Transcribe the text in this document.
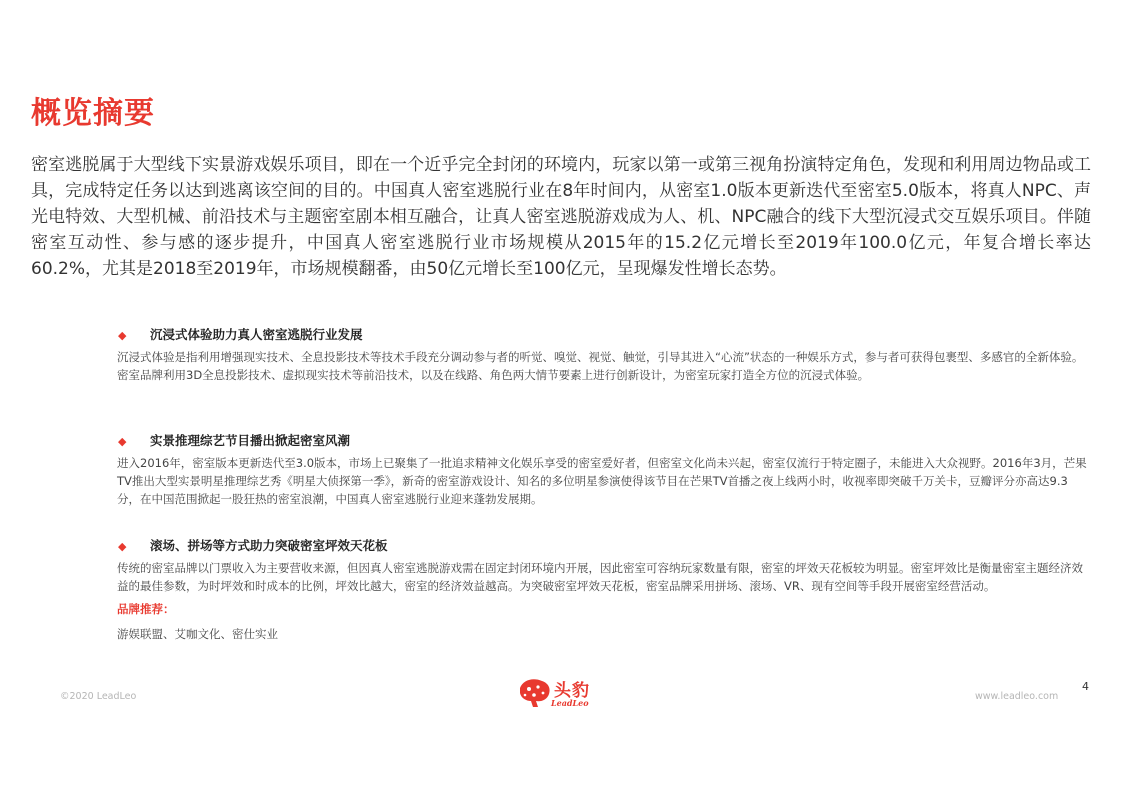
概览摘要

密室逃脱属于大型线下实景游戏娱乐项目，即在一个近乎完全封闭的环境内，玩家以第一或第三视角扮演特定角色，发现和利用周边物品或工具，完成特定任务以达到逃离该空间的目的。中国真人密室逃脱行业在8年时间内，从密室1.0版本更新迭代至密室5.0版本，将真人NPC、声光电特效、大型机械、前沿技术与主题密室剧本相互融合，让真人密室逃脱游戏成为人、机、NPC融合的线下大型沉浸式交互娱乐项目。伴随密室互动性、参与感的逐步提升，中国真人密室逃脱行业市场规模从2015年的15.2亿元增长至2019年100.0亿元，年复合增长率达60.2%，尤其是2018至2019年，市场规模翻番，由50亿元增长至100亿元，呈现爆发性增长态势。

◆ 沉浸式体验助力真人密室逃脱行业发展

沉浸式体验是指利用增强现实技术、全息投影技术等技术手段充分调动参与者的听觉、嗅觉、视觉、触觉，引导其进入“心流”状态的一种娱乐方式，参与者可获得包裹型、多感官的全新体验。密室品牌利用3D全息投影技术、虚拟现实技术等前沿技术，以及在线路、角色两大情节要素上进行创新设计，为密室玩家打造全方位的沉浸式体验。

◆ 实景推理综艺节目播出掀起密室风潮

进入2016年，密室版本更新迭代至3.0版本，市场上已聚集了一批追求精神文化娱乐享受的密室爱好者，但密室文化尚未兴起，密室仅流行于特定圈子，未能进入大众视野。2016年3月，芒果TV推出大型实景明星推理综艺秀《明星大侦探第一季》，新奇的密室游戏设计、知名的多位明星参演使得该节目在芒果TV首播之夜上线两小时，收视率即突破千万关卡，豆瓣评分亦高达9.3分，在中国范围掀起一股狂热的密室浪潮，中国真人密室逃脱行业迎来蓬勃发展期。

◆ 滚场、拼场等方式助力突破密室坪效天花板

传统的密室品牌以门票收入为主要营收来源，但因真人密室逃脱游戏需在固定封闭环境内开展，因此密室可容纳玩家数量有限，密室的坪效天花板较为明显。密室坪效比是衡量密室主题经济效益的最佳参数，为时坪效和时成本的比例，坪效比越大，密室的经济效益越高。为突破密室坪效天花板，密室品牌采用拼场、滚场、VR、现有空间等手段开展密室经营活动。

品牌推荐：
游娱联盟、艾咖文化、密仕实业
©2020 LeadLeo	头豹
LeadLeo
www.leadleo.com
4
